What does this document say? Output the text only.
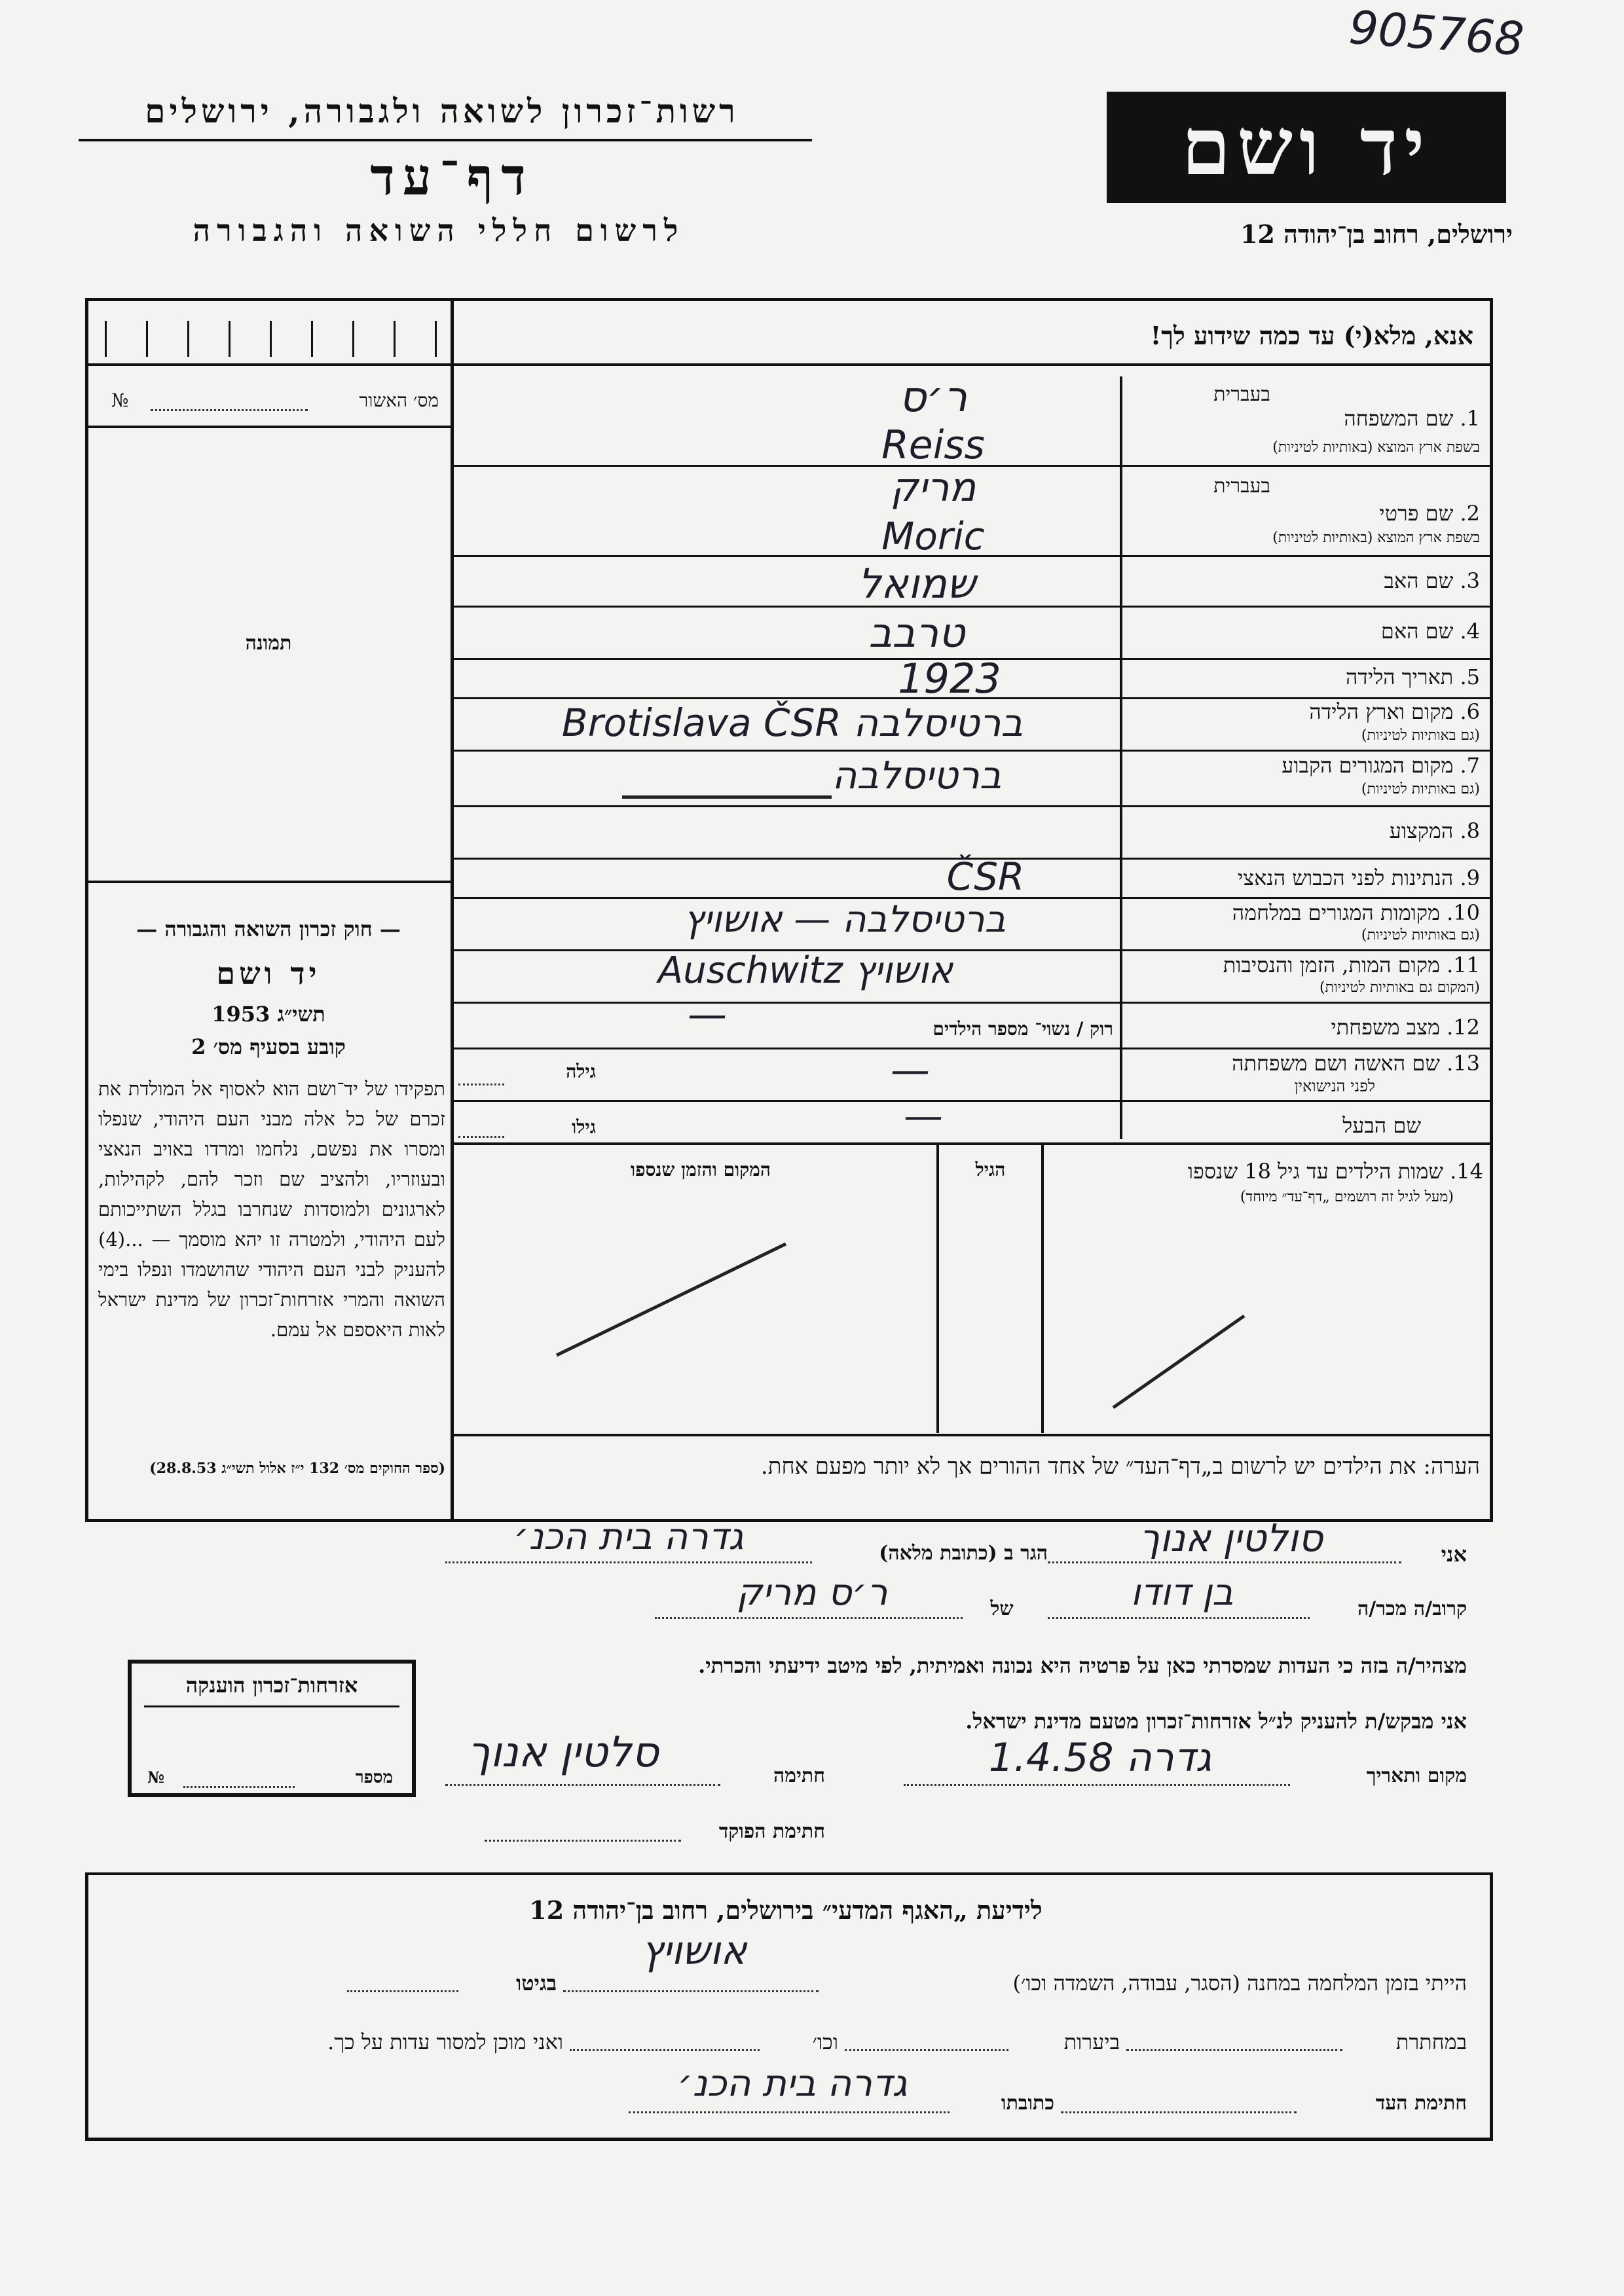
905768
רשות־זכרון לשואה ולגבורה, ירושלים
דף־עד
לרשום חללי השואה והגבורה
יד ושם
ירושלים, רחוב בן־יהודה 12
אנא, מלא(י) עד כמה שידוע לך!
מס׳ האשור
№
תמונה
— חוק זכרון השואה והגבורה —
יד ושם
תשי״ג 1953
קובע בסעיף מס׳ 2
תפקידו של יד־ושם הוא לאסוף אל המולדת את זכרם של כל אלה מבני העם היהודי, שנפלו ומסרו את נפשם, נלחמו ומרדו באויב הנאצי ובעוזריו, ולהציב שם וזכר להם, לקהילות, לארגונים ולמוסדות שנחרבו בגלל השתייכותם לעם היהודי, ולמטרה זו יהא מוסמך — ...(4) להעניק לבני העם היהודי שהושמדו ונפלו בימי השואה והמרי אזרחות־זכרון של מדינת ישראל לאות היאספם אל עמם.
(ספר החוקים מס׳ 132 י״ז אלול תשי״ג 28.8.53)
בעברית
1. שם המשפחה
בשפת ארץ המוצא (באותיות לטיניות)
ר׳ס
Reiss
בעברית
2. שם פרטי
בשפת ארץ המוצא (באותיות לטיניות)
מריק
Moric
3. שם האב
שמואל
4. שם האם
טרבב
5. תאריך הלידה
1923
6. מקום וארץ הלידה
(גם באותיות לטיניות)
Brotislava ČSR ברטיסלבה
7. מקום המגורים הקבוע
(גם באותיות לטיניות)
ברטיסלבה
8. המקצוע
9. הנתינות לפני הכבוש הנאצי
ČSR
10. מקומות המגורים במלחמה
(גם באותיות לטיניות)
ברטיסלבה — אושויץ
11. מקום המות, הזמן והנסיבות
(המקום גם באותיות לטיניות)
Auschwitz אושויץ
12. מצב משפחתי
רוק / נשוי־ מספר הילדים
—
13. שם האשה ושם משפחתה
לפני הנישואין
גילה	—
שם הבעל
גילו	—
14. שמות הילדים עד גיל 18 שנספו
(מעל לגיל זה רושמים „דף־עד״ מיוחד)
הגיל
המקום והזמן שנספו
הערה: את הילדים יש לרשום ב„דף־העד״ של אחד ההורים אך לא יותר מפעם אחת.
אני
סולטין אנוך
הגר ב (כתובת מלאה)
גדרה בית הכנ׳
קרוב/ה מכר/ה
בן דודו
של
ר׳ס מריק
מצהיר/ה בזה כי העדות שמסרתי כאן על פרטיה היא נכונה ואמיתית, לפי מיטב ידיעתי והכרתי.
אני מבקש/ת להעניק לנ״ל אזרחות־זכרון מטעם מדינת ישראל.
מקום ותאריך
גדרה 1.4.58
חתימה
סלטין אנוך
חתימת הפוקד
אזרחות־זכרון הוענקה
מספר
№
לידיעת „האגף המדעי״ בירושלים, רחוב בן־יהודה 12
הייתי בזמן המלחמה במחנה (הסגר, עבודה, השמדה וכו׳)
אושויץ
בגיטו
במחתרת
ביערות
וכו׳
ואני מוכן למסור עדות על כך.
חתימת העד
כתובתו
גדרה בית הכנ׳
